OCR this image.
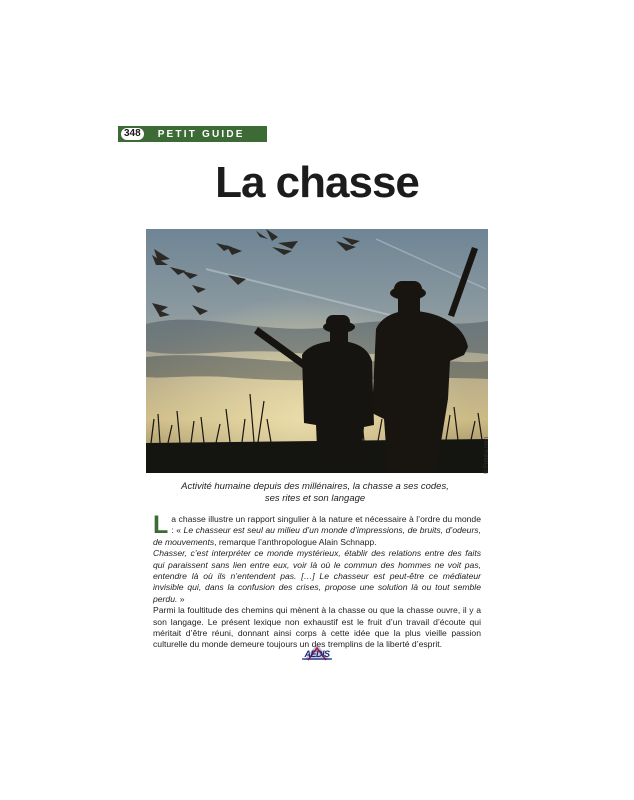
348	PETIT GUIDE
La chasse
© Fotolia.com
Activité humaine depuis des millénaires, la chasse a ses codes,
ses rites et son langage

La chasse illustre un rapport singulier à la nature et nécessaire à l’ordre du monde : « Le chasseur est seul au milieu d’un monde d’impressions, de bruits, d’odeurs, de mouvements, remarque l’anthropologue Alain Schnapp.

Chasser, c’est interpréter ce monde mystérieux, établir des relations entre des faits qui paraissent sans lien entre eux, voir là où le commun des hommes ne voit pas, entendre là où ils n’entendent pas. […] Le chasseur est peut-être ce médiateur invisible qui, dans la confusion des crises, propose une solution là ou tout semble perdu. »

Parmi la foultitude des chemins qui mènent à la chasse ou que la chasse ouvre, il y a son langage. Le présent lexique non exhaustif est le fruit d’un travail d’écoute qui méritait d’être réuni, donnant ainsi corps à cette idée que la plus vieille passion culturelle du monde demeure toujours un des tremplins de la liberté d’esprit.

AEDIS
